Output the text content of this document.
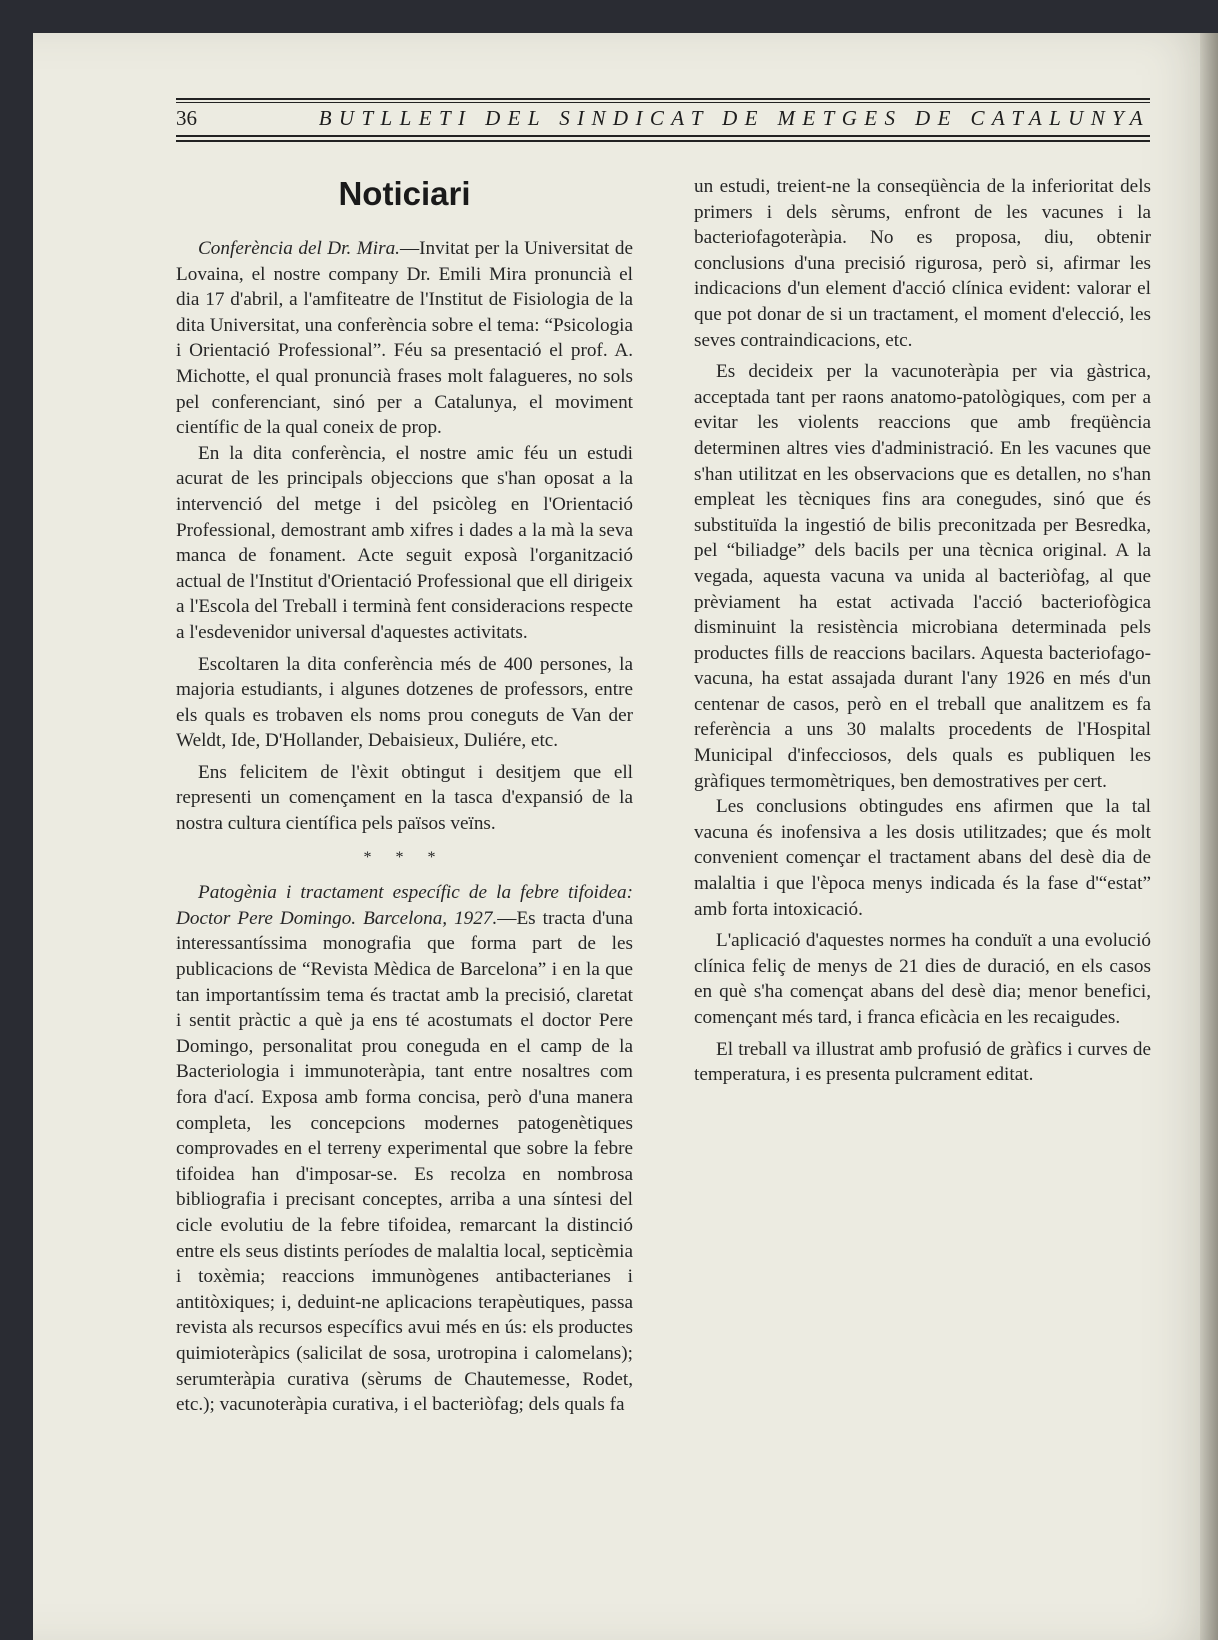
36	BUTLLETI DEL SINDICAT DE METGES DE CATALUNYA
Noticiari

Conferència del Dr. Mira.—Invitat per la Universitat de Lovaina, el nostre company Dr. Emili Mira pronuncià el dia 17 d'abril, a l'amfiteatre de l'Institut de Fisiologia de la dita Universitat, una conferència sobre el tema: “Psicologia i Orientació Professional”. Féu sa presentació el prof. A. Michotte, el qual pronuncià frases molt falagueres, no sols pel conferenciant, sinó per a Catalunya, el moviment científic de la qual coneix de prop.

En la dita conferència, el nostre amic féu un estudi acurat de les principals objeccions que s'han oposat a la intervenció del metge i del psicòleg en l'Orientació Professional, demostrant amb xifres i dades a la mà la seva manca de fonament. Acte seguit exposà l'organització actual de l'Institut d'Orientació Professional que ell dirigeix a l'Escola del Treball i terminà fent consideracions respecte a l'esdevenidor universal d'aquestes activitats.

Escoltaren la dita conferència més de 400 persones, la majoria estudiants, i algunes dotzenes de professors, entre els quals es trobaven els noms prou coneguts de Van der Weldt, Ide, D'Hollander, Debaisieux, Duliére, etc.

Ens felicitem de l'èxit obtingut i desitjem que ell representi un començament en la tasca d'expansió de la nostra cultura científica pels països veïns.

* * *

Patogènia i tractament específic de la febre tifoidea: Doctor Pere Domingo. Barcelona, 1927.—Es tracta d'una interessantíssima monografia que forma part de les publicacions de “Revista Mèdica de Barcelona” i en la que tan importantíssim tema és tractat amb la precisió, claretat i sentit pràctic a què ja ens té acostumats el doctor Pere Domingo, personalitat prou coneguda en el camp de la Bacteriologia i immunoteràpia, tant entre nosaltres com fora d'ací. Exposa amb forma concisa, però d'una manera completa, les concepcions modernes patogenètiques comprovades en el terreny experimental que sobre la febre tifoidea han d'imposar-se. Es recolza en nombrosa bibliografia i precisant conceptes, arriba a una síntesi del cicle evolutiu de la febre tifoidea, remarcant la distinció entre els seus distints períodes de malaltia local, septicèmia i toxèmia; reaccions immunògenes antibacterianes i antitòxiques; i, deduint-ne aplicacions terapèutiques, passa revista als recursos específics avui més en ús: els productes quimioteràpics (salicilat de sosa, urotropina i calomelans); serumteràpia curativa (sèrums de Chautemesse, Rodet, etc.); vacunoteràpia curativa, i el bacteriòfag; dels quals fa

un estudi, treient-ne la conseqüència de la inferioritat dels primers i dels sèrums, enfront de les vacunes i la bacteriofagoteràpia. No es proposa, diu, obtenir conclusions d'una precisió rigurosa, però si, afirmar les indicacions d'un element d'acció clínica evident: valorar el que pot donar de si un tractament, el moment d'elecció, les seves contraindicacions, etc.

Es decideix per la vacunoteràpia per via gàstrica, acceptada tant per raons anatomo-patològiques, com per a evitar les violents reaccions que amb freqüència determinen altres vies d'administració. En les vacunes que s'han utilitzat en les observacions que es detallen, no s'han empleat les tècniques fins ara conegudes, sinó que és substituïda la ingestió de bilis preconitzada per Besredka, pel “biliadge” dels bacils per una tècnica original. A la vegada, aquesta vacuna va unida al bacteriòfag, al que prèviament ha estat activada l'acció bacteriofògica disminuint la resistència microbiana determinada pels productes fills de reaccions bacilars. Aquesta bacteriofago-vacuna, ha estat assajada durant l'any 1926 en més d'un centenar de casos, però en el treball que analitzem es fa referència a uns 30 malalts procedents de l'Hospital Municipal d'infecciosos, dels quals es publiquen les gràfiques termomètriques, ben demostratives per cert.

Les conclusions obtingudes ens afirmen que la tal vacuna és inofensiva a les dosis utilitzades; que és molt convenient començar el tractament abans del desè dia de malaltia i que l'època menys indicada és la fase d'“estat” amb forta intoxicació.

L'aplicació d'aquestes normes ha conduït a una evolució clínica feliç de menys de 21 dies de duració, en els casos en què s'ha començat abans del desè dia; menor benefici, començant més tard, i franca eficàcia en les recaigudes.

El treball va illustrat amb profusió de gràfics i curves de temperatura, i es presenta pulcrament editat.
